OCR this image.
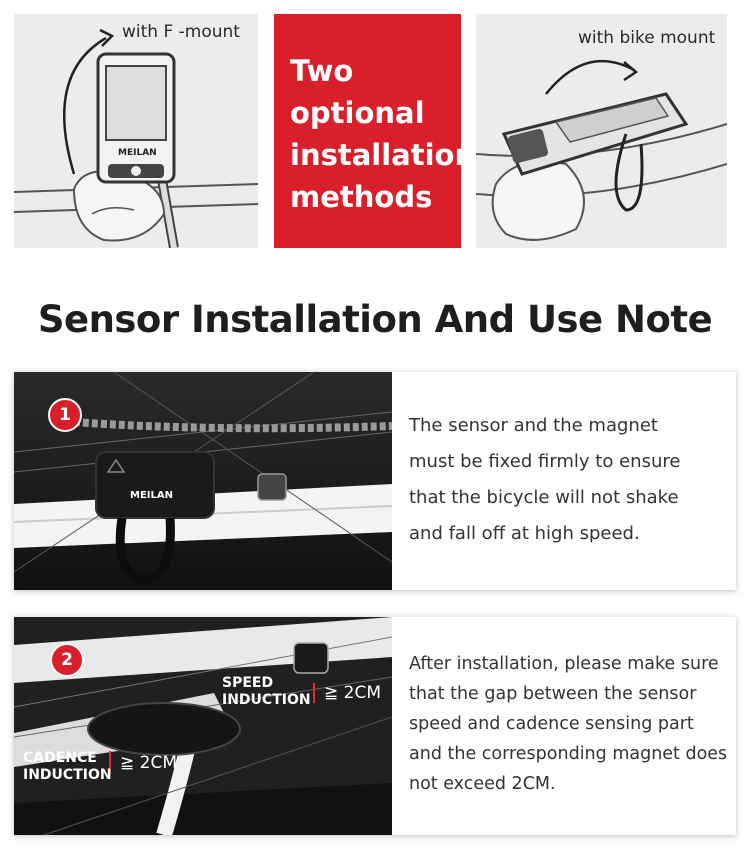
MEILAN
with F -mount
Two
optional
installation
methods
with bike mount
Sensor Installation And Use Note
MEILAN
1	The sensor and the magnet must be fixed firmly to ensure that the bicycle will not shake and fall off at high speed.
2
SPEED
INDUCTION ≧ 2CM
CADENCE
INDUCTION
≧ 2CM
After installation, please make sure that the gap between the sensor speed and cadence sensing part and the corresponding magnet does not exceed 2CM.
